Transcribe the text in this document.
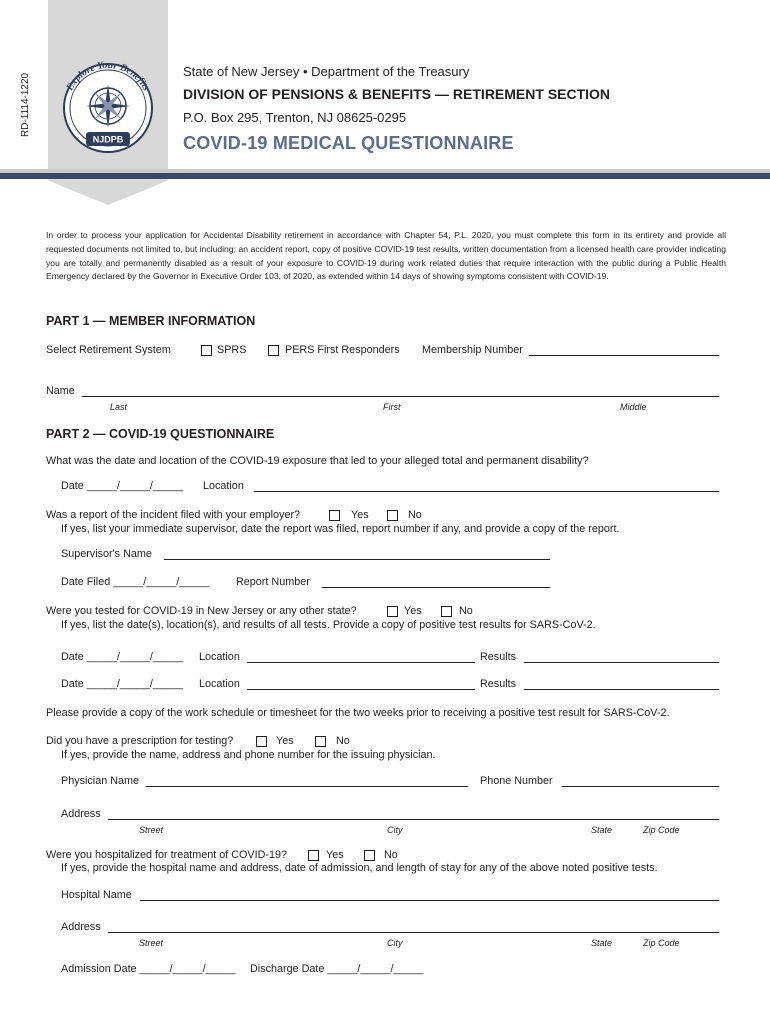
Explore Your Benefits
NJDPB
RD-1114-1220
State of New Jersey • Department of the Treasury
DIVISION OF PENSIONS & BENEFITS — RETIREMENT SECTION
P.O. Box 295, Trenton, NJ 08625-0295
COVID-19 MEDICAL QUESTIONNAIRE
In order to process your application for Accidental Disability retirement in accordance with Chapter 54, P.L. 2020, you must complete this form in its entirety and provide all requested documents not limited to, but including; an accident report, copy of positive COVID-19 test results, written documentation from a licensed health care provider indicating you are totally and permanently disabled as a result of your exposure to COVID-19 during work related duties that require interaction with the public during a Public Health Emergency declared by the Governor in Executive Order 103, of 2020, as extended within 14 days of showing symptoms consistent with COVID-19.
PART 1 — MEMBER INFORMATION
Select Retirement System	SPRS	PERS First Responders Membership Number
Name
Last	First	Middle
PART 2 — COVID-19 QUESTIONNAIRE
What was the date and location of the COVID-19 exposure that led to your alleged total and permanent disability?
Date _____/_____/_____ Location
Was a report of the incident filed with your employer?	Yes	No
If yes, list your immediate supervisor, date the report was filed, report number if any, and provide a copy of the report.
Supervisor's Name
Date Filed _____/_____/_____ Report Number
Were you tested for COVID-19 in New Jersey or any other state?	Yes	No
If yes, list the date(s), location(s), and results of all tests. Provide a copy of positive test results for SARS-CoV-2.
Date _____/_____/_____ Location	Results
Date _____/_____/_____ Location	Results
Please provide a copy of the work schedule or timesheet for the two weeks prior to receiving a positive test result for SARS-CoV-2.
Did you have a prescription for testing?	Yes	No
If yes, provide the name, address and phone number for the issuing physician.
Physician Name	Phone Number
Address
Street	City	State	Zip Code
Were you hospitalized for treatment of COVID-19?	Yes	No
If yes, provide the hospital name and address, date of admission, and length of stay for any of the above noted positive tests.
Hospital Name
Address
Street	City	State	Zip Code
Admission Date _____/_____/_____ Discharge Date _____/_____/_____
